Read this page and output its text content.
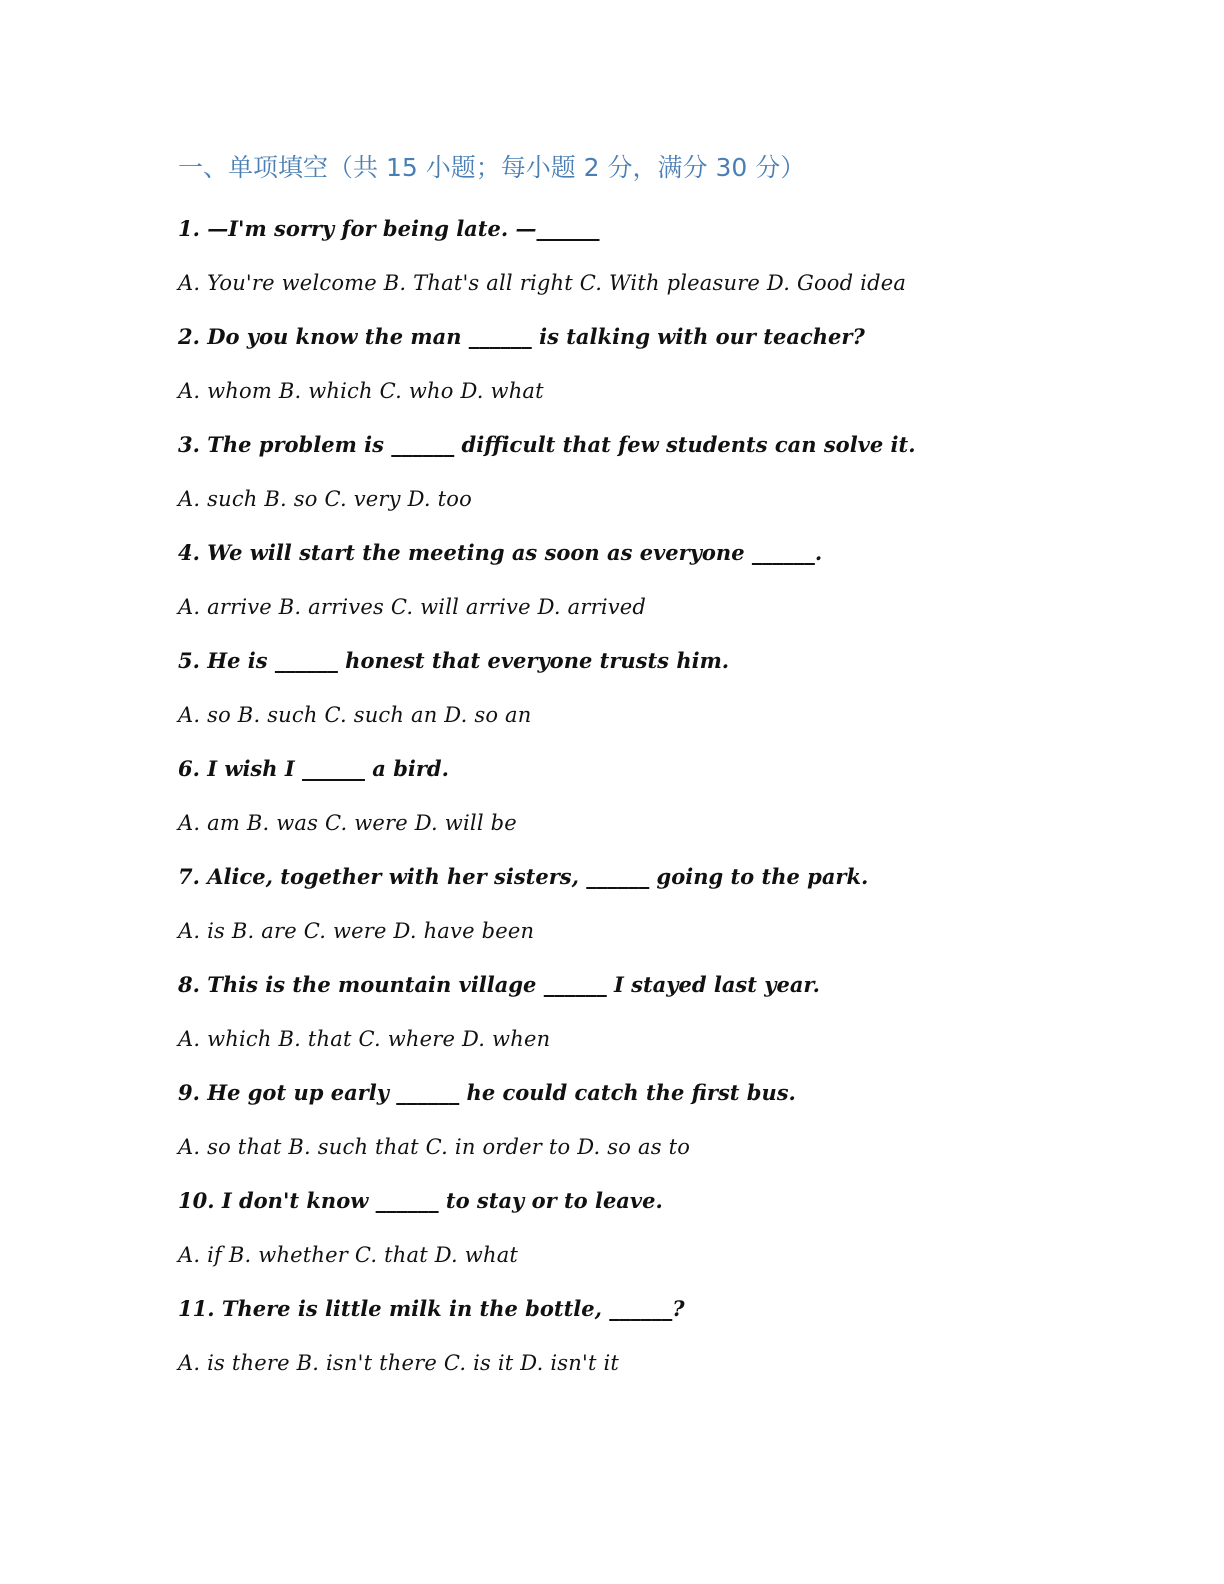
一、单项填空（共 15 小题；每小题 2 分，满分 30 分）
1. —I'm sorry for being late. —______
A. You're welcome B. That's all right C. With pleasure D. Good idea
2. Do you know the man ______ is talking with our teacher?
A. whom B. which C. who D. what
3. The problem is ______ difficult that few students can solve it.
A. such B. so C. very D. too
4. We will start the meeting as soon as everyone ______.
A. arrive B. arrives C. will arrive D. arrived
5. He is ______ honest that everyone trusts him.
A. so B. such C. such an D. so an
6. I wish I ______ a bird.
A. am B. was C. were D. will be
7. Alice, together with her sisters, ______ going to the park.
A. is B. are C. were D. have been
8. This is the mountain village ______ I stayed last year.
A. which B. that C. where D. when
9. He got up early ______ he could catch the first bus.
A. so that B. such that C. in order to D. so as to
10. I don't know ______ to stay or to leave.
A. if B. whether C. that D. what
11. There is little milk in the bottle, ______?
A. is there B. isn't there C. is it D. isn't it
